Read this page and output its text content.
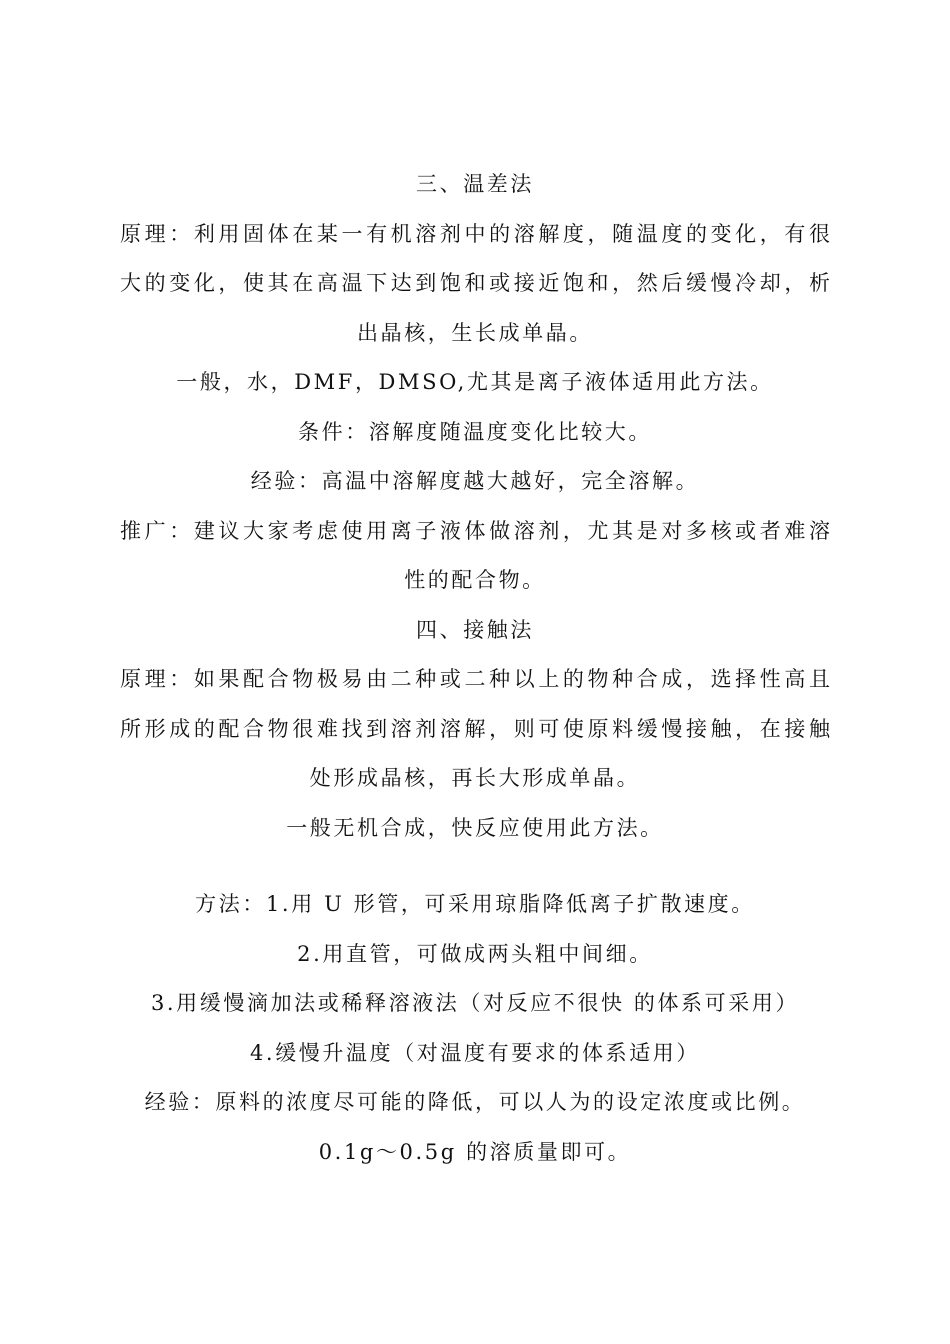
三、温差法
原理：利用固体在某一有机溶剂中的溶解度，随温度的变化，有很
大的变化，使其在高温下达到饱和或接近饱和，然后缓慢冷却，析
出晶核，生长成单晶。
一般，水，DMF，DMSO,尤其是离子液体适用此方法。
条件：溶解度随温度变化比较大。
经验：高温中溶解度越大越好，完全溶解。
推广：建议大家考虑使用离子液体做溶剂，尤其是对多核或者难溶
性的配合物。
四、接触法
原理：如果配合物极易由二种或二种以上的物种合成，选择性高且
所形成的配合物很难找到溶剂溶解，则可使原料缓慢接触，在接触
处形成晶核，再长大形成单晶。
一般无机合成，快反应使用此方法。
方法：1.用 U 形管，可采用琼脂降低离子扩散速度。
2.用直管，可做成两头粗中间细。
3.用缓慢滴加法或稀释溶液法（对反应不很快 的体系可采用）
4.缓慢升温度（对温度有要求的体系适用）
经验：原料的浓度尽可能的降低，可以人为的设定浓度或比例。
0.1g～0.5g 的溶质量即可。
